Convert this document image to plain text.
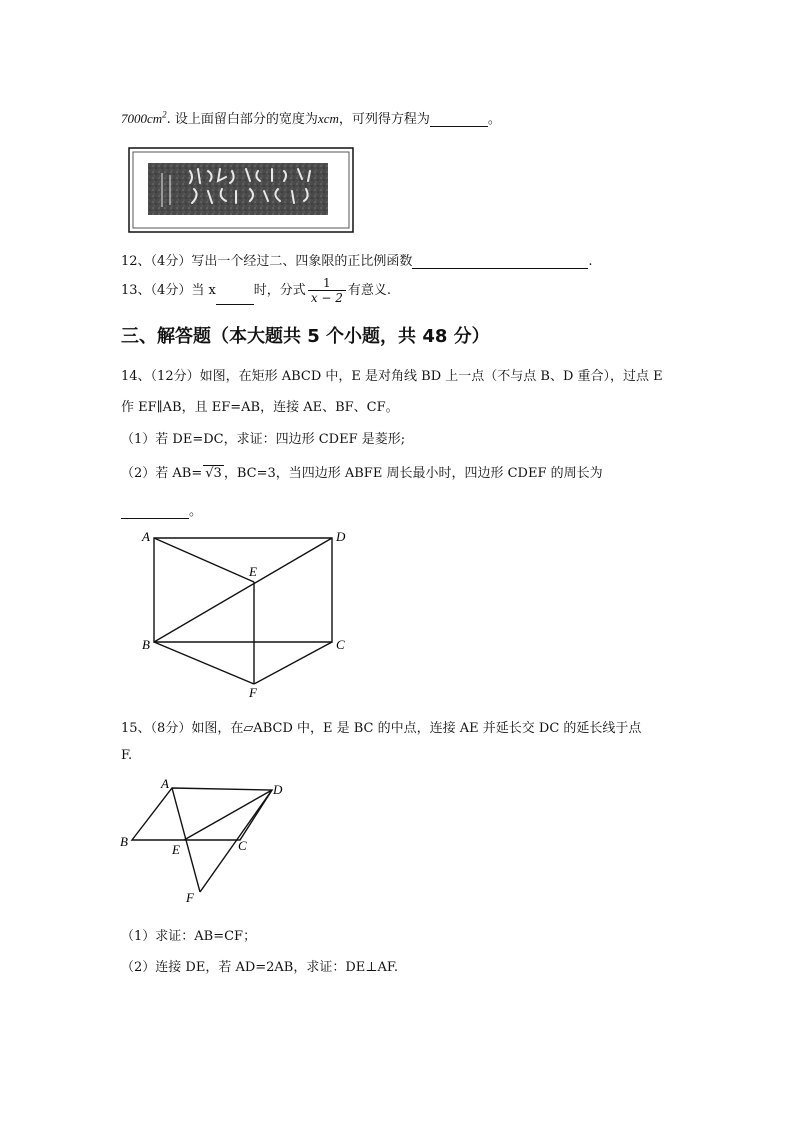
$7000cm^2$. 设上面留白部分的宽度为xcm，可列得方程为	。
12、（4分）写出一个经过二、四象限的正比例函数	.
13、（4分）当 x	时，分式 $\frac{1}{x - 2}$ 有意义.
三、解答题（本大题共 5 个小题，共 48 分）
14、（12分）如图，在矩形 ABCD 中，E 是对角线 BD 上一点（不与点 B、D 重合），过点 E
作 EF∥AB，且 EF=AB，连接 AE、BF、CF。
（1）若 DE=DC，求证：四边形 CDEF 是菱形;
（2）若 AB= √3 ，BC=3，当四边形 ABFE 周长最小时，四边形 CDEF 的周长为
。
A	D
E
B	C
F
15、（8分）如图，在▱ABCD 中，E 是 BC 的中点，连接 AE 并延长交 DC 的延长线于点
F.
A	D
B
E	C
F
（1）求证：AB=CF；
（2）连接 DE，若 AD=2AB，求证：DE⊥AF.
